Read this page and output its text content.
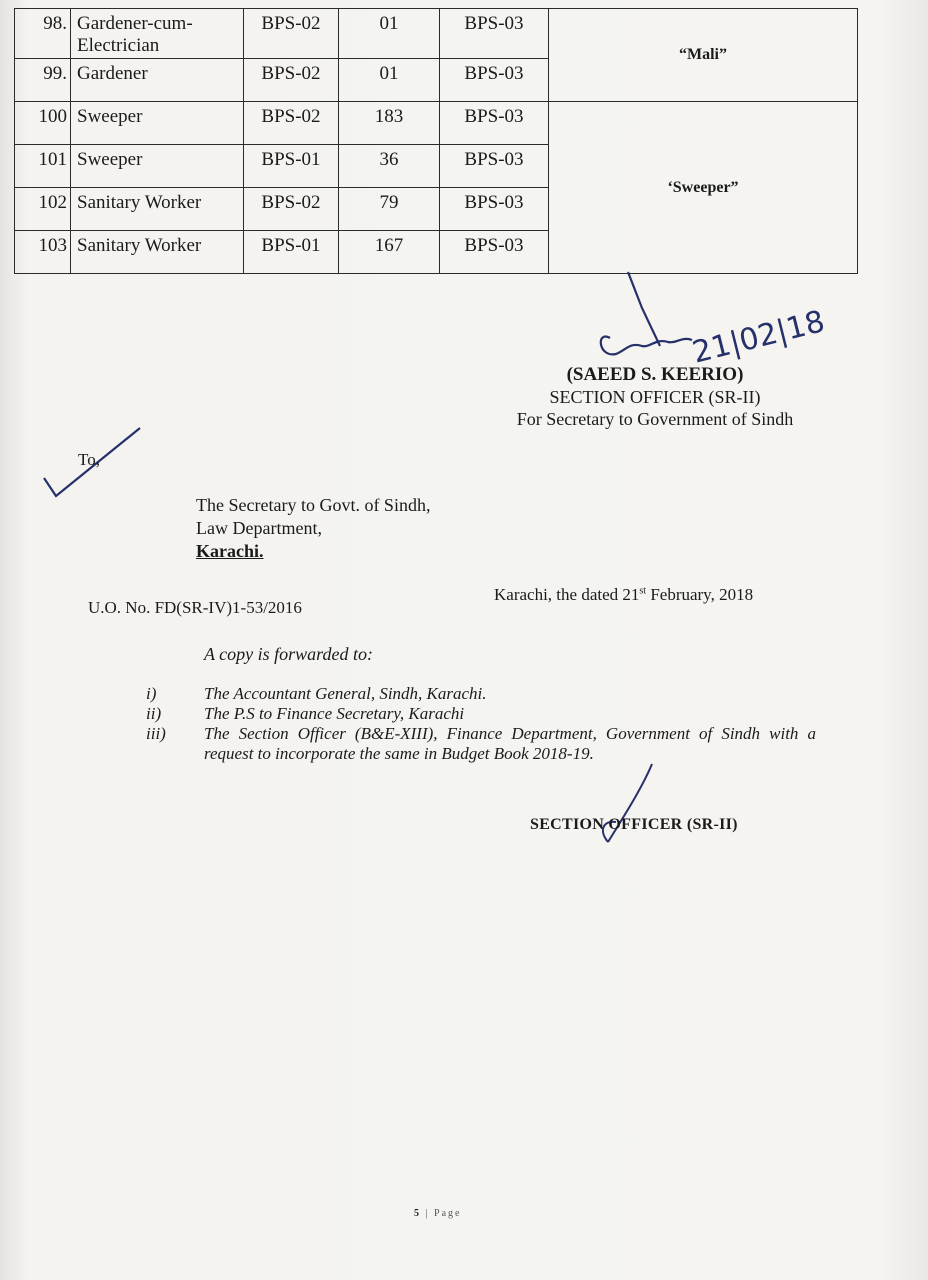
98.	Gardener-cum-Electrician	BPS-02	01	BPS-03	“Mali”

99.	Gardener	BPS-02	01	BPS-03	

100	Sweeper	BPS-02	183	BPS-03	‘Sweeper”

101	Sweeper	BPS-01	36	BPS-03	

102	Sanitary Worker	BPS-02	79	BPS-03	

103	Sanitary Worker	BPS-01	167	BPS-03	
21|02|18
(SAEED S. KEERIO)
SECTION OFFICER (SR-II)
For Secretary to Government of Sindh
To,
The Secretary to Govt. of Sindh,
Law Department,
Karachi.
U.O. No. FD(SR-IV)1-53/2016
Karachi, the dated 21st February, 2018
A copy is forwarded to:
i)	The Accountant General, Sindh, Karachi.
ii)	The P.S to Finance Secretary, Karachi
iii)	The Section Officer (B&E-XIII), Finance Department, Government of Sindh with a request to incorporate the same in Budget Book 2018-19.
SECTION OFFICER (SR-II)
5 | Page
